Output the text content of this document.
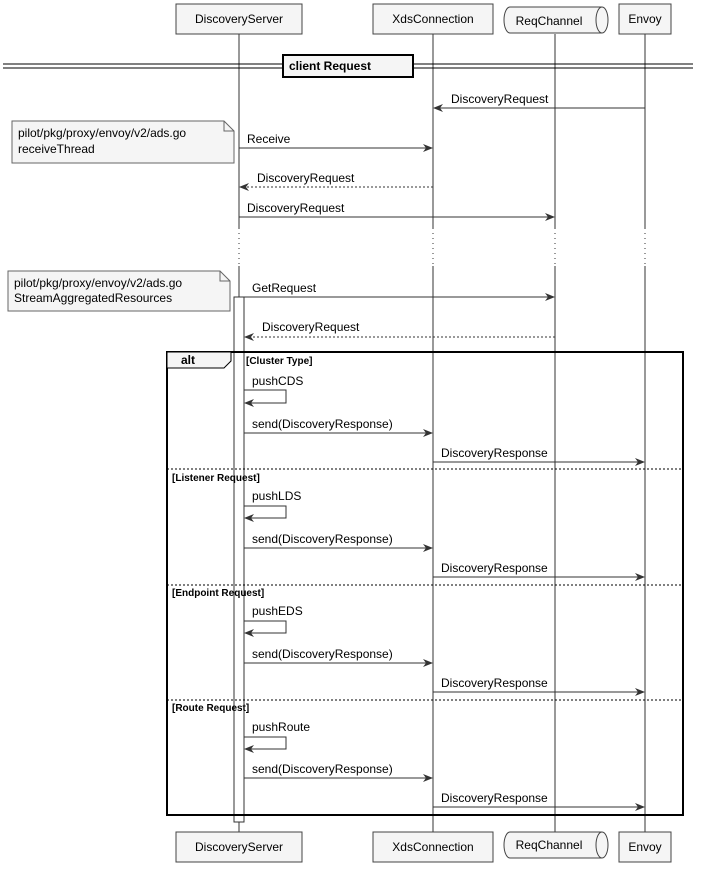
DiscoveryServer	XdsConnection	ReqChannel	Envoy
client Request
pilot/pkg/proxy/envoy/v2/ads.go
receiveThread
pilot/pkg/proxy/envoy/v2/ads.go
StreamAggregatedResources
DiscoveryRequest
Receive
DiscoveryRequest
DiscoveryRequest
GetRequest
DiscoveryRequest
alt	[Cluster Type]
pushCDS
send(DiscoveryResponse)
DiscoveryResponse
[Listener Request]
pushLDS
send(DiscoveryResponse)
DiscoveryResponse
[Endpoint Request]
pushEDS
send(DiscoveryResponse)
DiscoveryResponse
[Route Request]
pushRoute
send(DiscoveryResponse)
DiscoveryResponse
DiscoveryServer	XdsConnection	ReqChannel	Envoy
